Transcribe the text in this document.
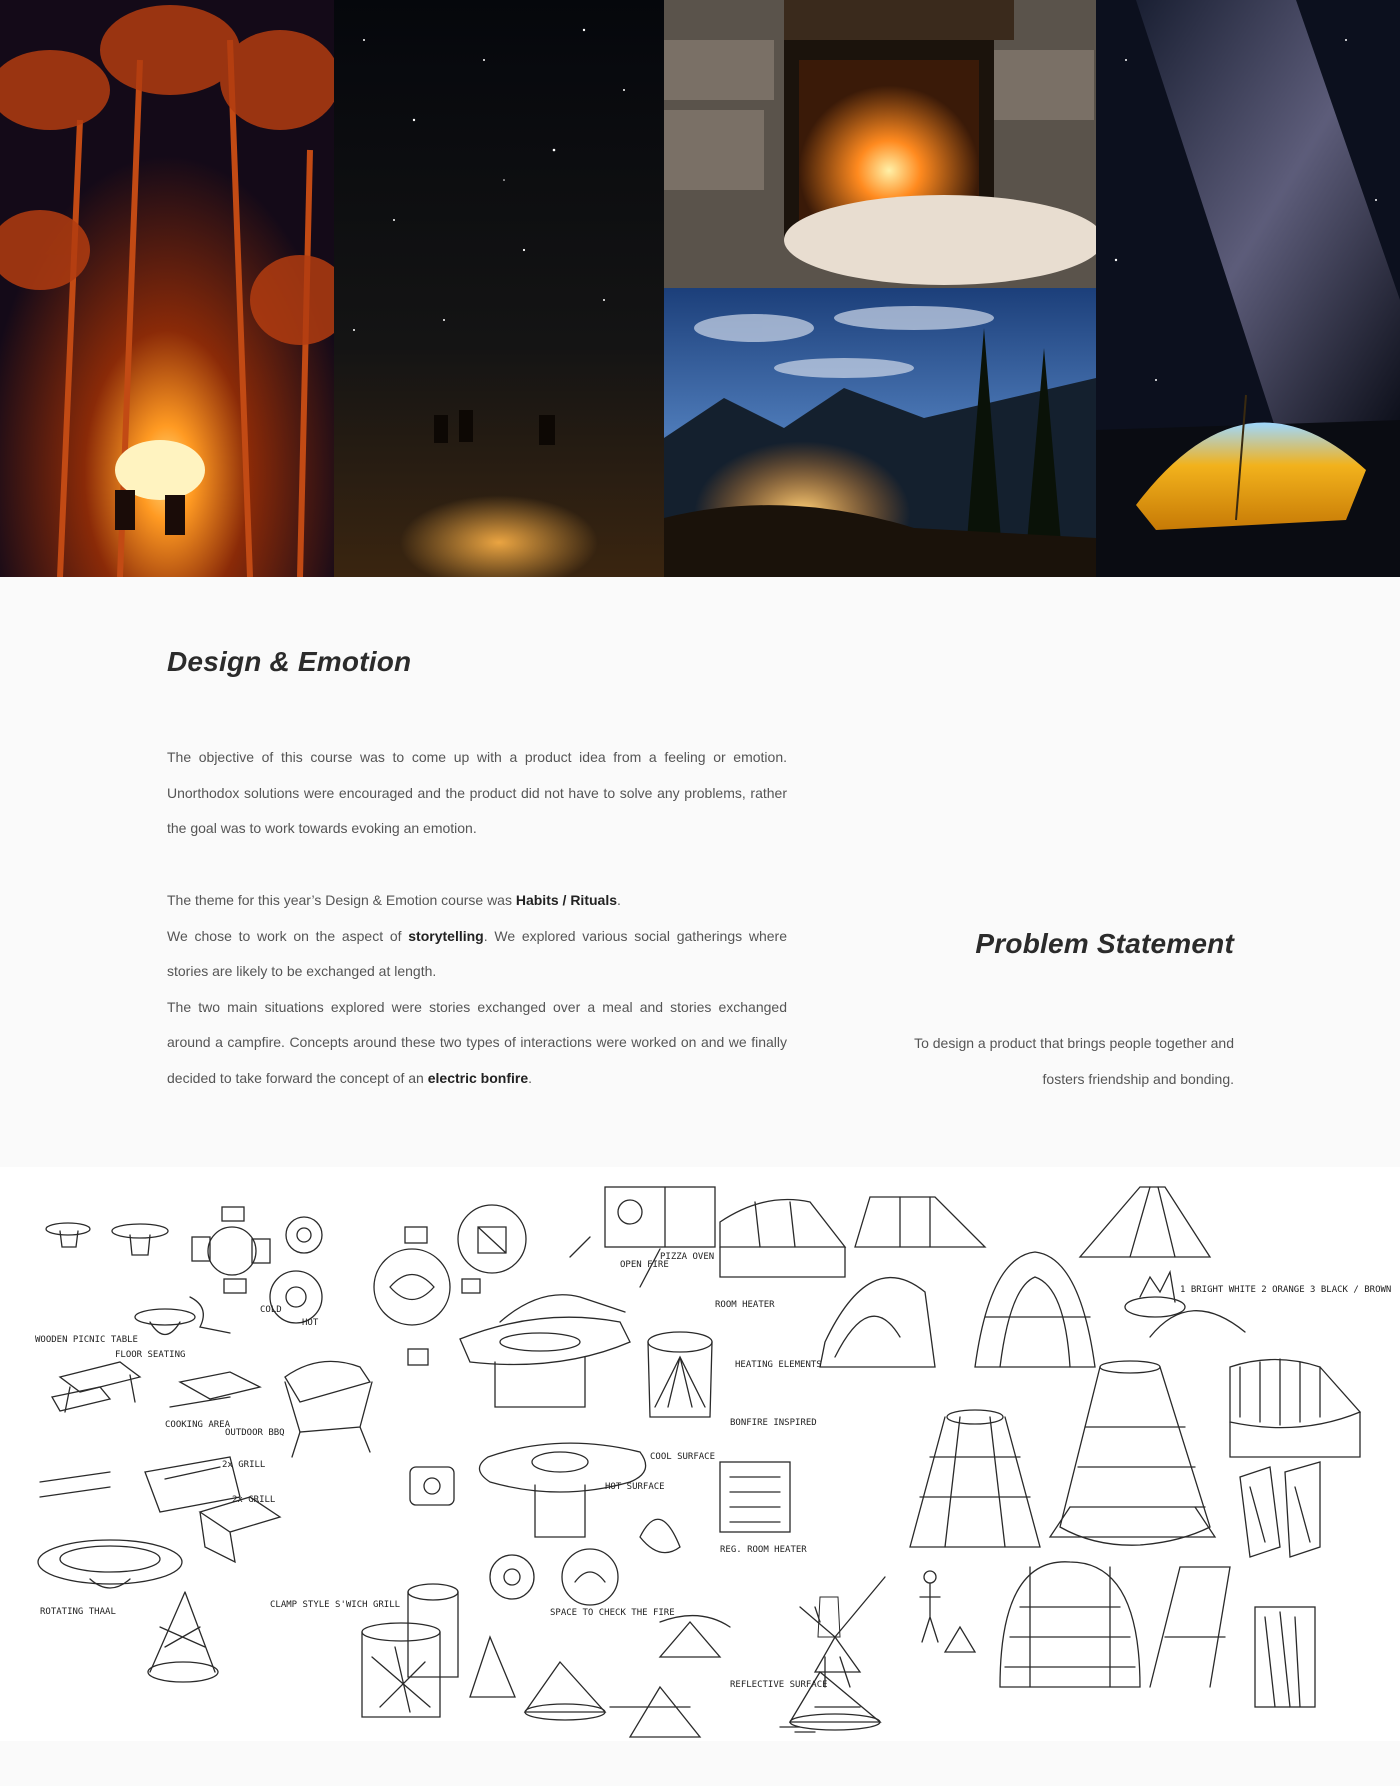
Design & Emotion

The objective of this course was to come up with a product idea from a feeling or emotion. Unorthodox solutions were encouraged and the product did not have to solve any problems, rather the goal was to work towards evoking an emotion.

The theme for this year’s Design & Emotion course was Habits / Rituals.
We chose to work on the aspect of storytelling. We explored various social gatherings where stories are likely to be exchanged at length.
The two main situations explored were stories exchanged over a meal and stories exchanged around a campfire. Concepts around these two types of interactions were worked on and we finally decided to take forward the concept of an electric bonfire.

Problem Statement

To design a product that brings people together and fosters friendship and bonding.

WOODEN PICNIC TABLE
FLOOR SEATING
COOKING AREA
OUTDOOR BBQ
2x GRILL
2x GRILL
CLAMP STYLE S'WICH GRILL
ROTATING THAAL
OPEN FIRE
PIZZA OVEN
COLD
HOT
ROOM HEATER
HEATING ELEMENTS
BONFIRE INSPIRED
COOL SURFACE
HOT SURFACE
REG. ROOM HEATER
SPACE TO CHECK THE FIRE
REFLECTIVE SURFACE
1 BRIGHT WHITE 2 ORANGE 3 BLACK / BROWN
